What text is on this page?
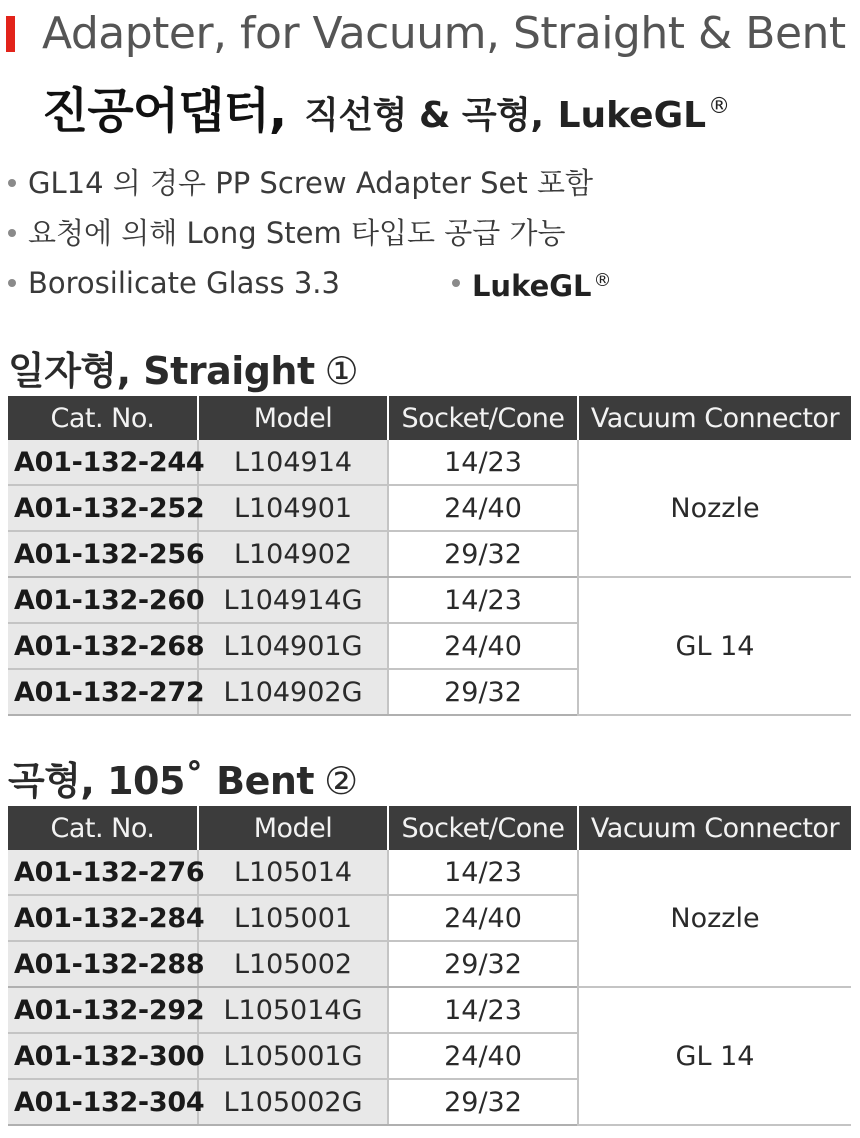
Adapter, for Vacuum, Straight & Bent
진공어댑터, 직선형 & 곡형, LukeGL®
GL14 의 경우 PP Screw Adapter Set 포함
요청에 의해 Long Stem 타입도 공급 가능
Borosilicate Glass 3.3	LukeGL ®
일자형, Straight ①
Cat. No.	Model	Socket/Cone	Vacuum Connector
A01-132-244	L104914	14/23	Nozzle
A01-132-252	L104901	24/40	
A01-132-256	L104902	29/32	
A01-132-260	L104914G	14/23	GL 14
A01-132-268	L104901G	24/40	
A01-132-272	L104902G	29/32	
곡형, 105˚ Bent ②
Cat. No.	Model	Socket/Cone	Vacuum Connector
A01-132-276	L105014	14/23	Nozzle
A01-132-284	L105001	24/40	
A01-132-288	L105002	29/32	
A01-132-292	L105014G	14/23	GL 14
A01-132-300	L105001G	24/40	
A01-132-304	L105002G	29/32	
